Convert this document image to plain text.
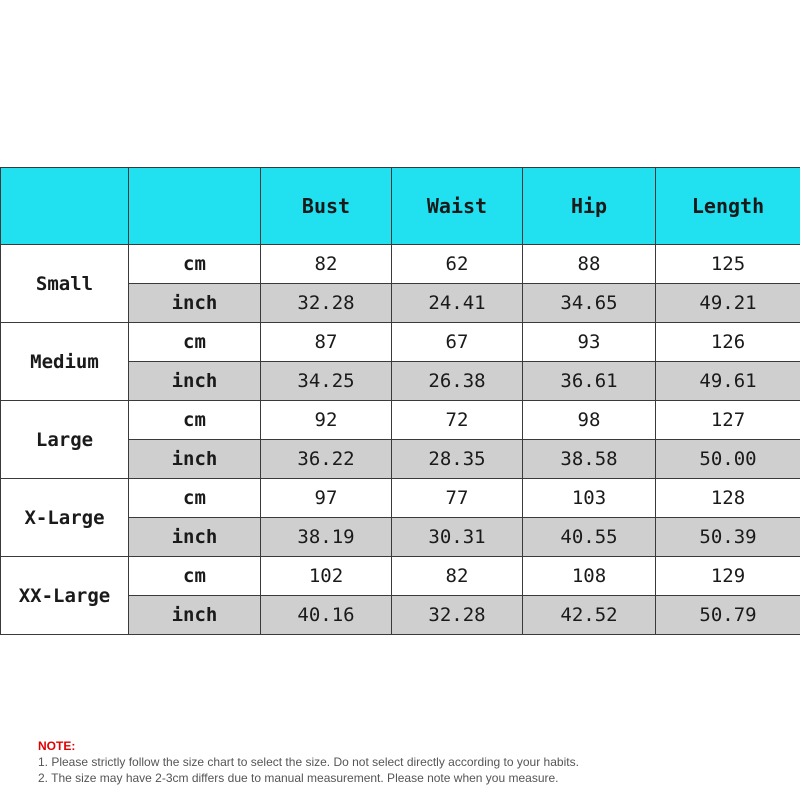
		Bust	Waist	Hip	Length
Small	cm	82	62	88	125
	inch	32.28	24.41	34.65	49.21
Medium	cm	87	67	93	126
	inch	34.25	26.38	36.61	49.61
Large	cm	92	72	98	127
	inch	36.22	28.35	38.58	50.00
X-Large	cm	97	77	103	128
	inch	38.19	30.31	40.55	50.39
XX-Large	cm	102	82	108	129
	inch	40.16	32.28	42.52	50.79
NOTE:
1. Please strictly follow the size chart to select the size. Do not select directly according to your habits.
2. The size may have 2-3cm differs due to manual measurement. Please note when you measure.
